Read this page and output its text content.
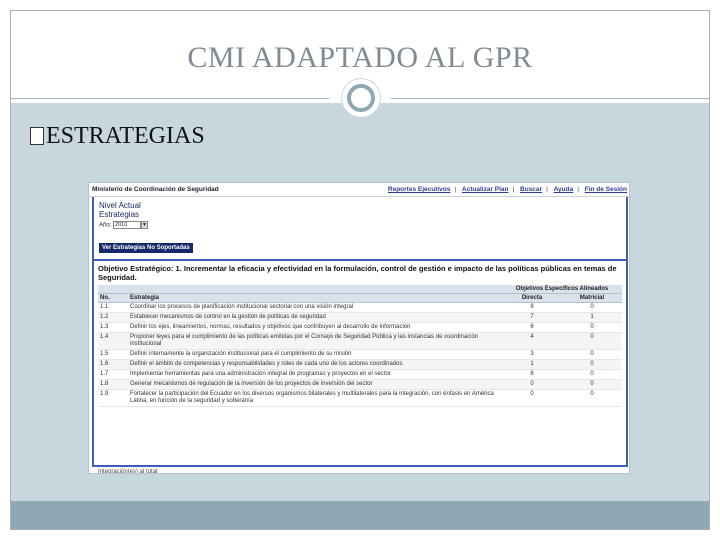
CMI ADAPTADO AL GPR
ESTRATEGIAS
Ministerio de Coordinación de Seguridad	Reportes Ejecutivos | Actualizar Plan | Buscar | Ayuda | Fin de Sesión
Nivel Actual
Estrategias
Año: 2010	▼
Ver Estrategias No Soportadas
Objetivo Estratégico: 1. Incrementar la eficacia y efectividad en la formulación, control de gestión e impacto de las políticas públicas en temas de Seguridad.
		Objetivos Específicos Alineados	
No.	Estrategia	Directa	Matricial
1.1	Coordinar los procesos de planificación institucional sectorial con una visión integral	8	0
1.2	Establecer mecanismos de control en la gestión de políticas de seguridad	7	1
1.3	Definir los ejes, lineamientos, normas, resultados y objetivos que contribuyen al desarrollo de información	6	0
1.4	Proponer leyes para el cumplimiento de las políticas emitidas por el Consejo de Seguridad Pública y las instancias de coordinación institucional	4	0
1.5	Definir internamente la organización institucional para el cumplimiento de su misión	3	0
1.6	Definir el ámbito de competencias y responsabilidades y roles de cada uno de los actores coordinados	1	0
1.7	Implementar herramientas para una administración integral de programas y proyectos en el sector	6	0
1.8	Generar mecanismos de regulación de la inversión de los proyectos de inversión del sector	0	0
1.9	Fortalecer la participación del Ecuador en los diversos organismos bilaterales y multilaterales para la integración, con énfasis en América Latina, en función de la seguridad y soberanía	0	0
Integración(es) al total
